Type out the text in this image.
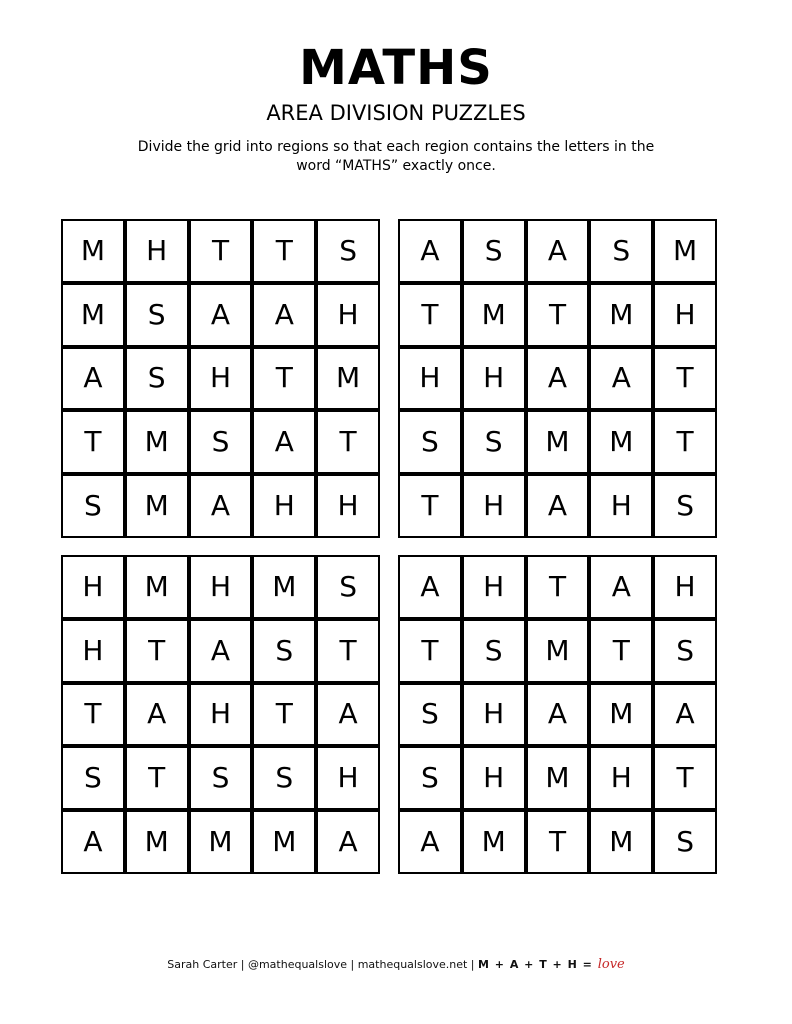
MATHS
AREA DIVISION PUZZLES
Divide the grid into regions so that each region contains the letters in the word “MATHS” exactly once.
M	H	T	T	S
M	S	A	A	H
A	S	H	T	M
T	M	S	A	T
S	M	A	H	H
A	S	A	S	M
T	M	T	M	H
H	H	A	A	T
S	S	M	M	T
T	H	A	H	S
H	M	H	M	S
H	T	A	S	T
T	A	H	T	A
S	T	S	S	H
A	M	M	M	A
A	H	T	A	H
T	S	M	T	S
S	H	A	M	A
S	H	M	H	T
A	M	T	M	S
Sarah Carter | @mathequalslove | mathequalslove.net | M + A + T + H = love
